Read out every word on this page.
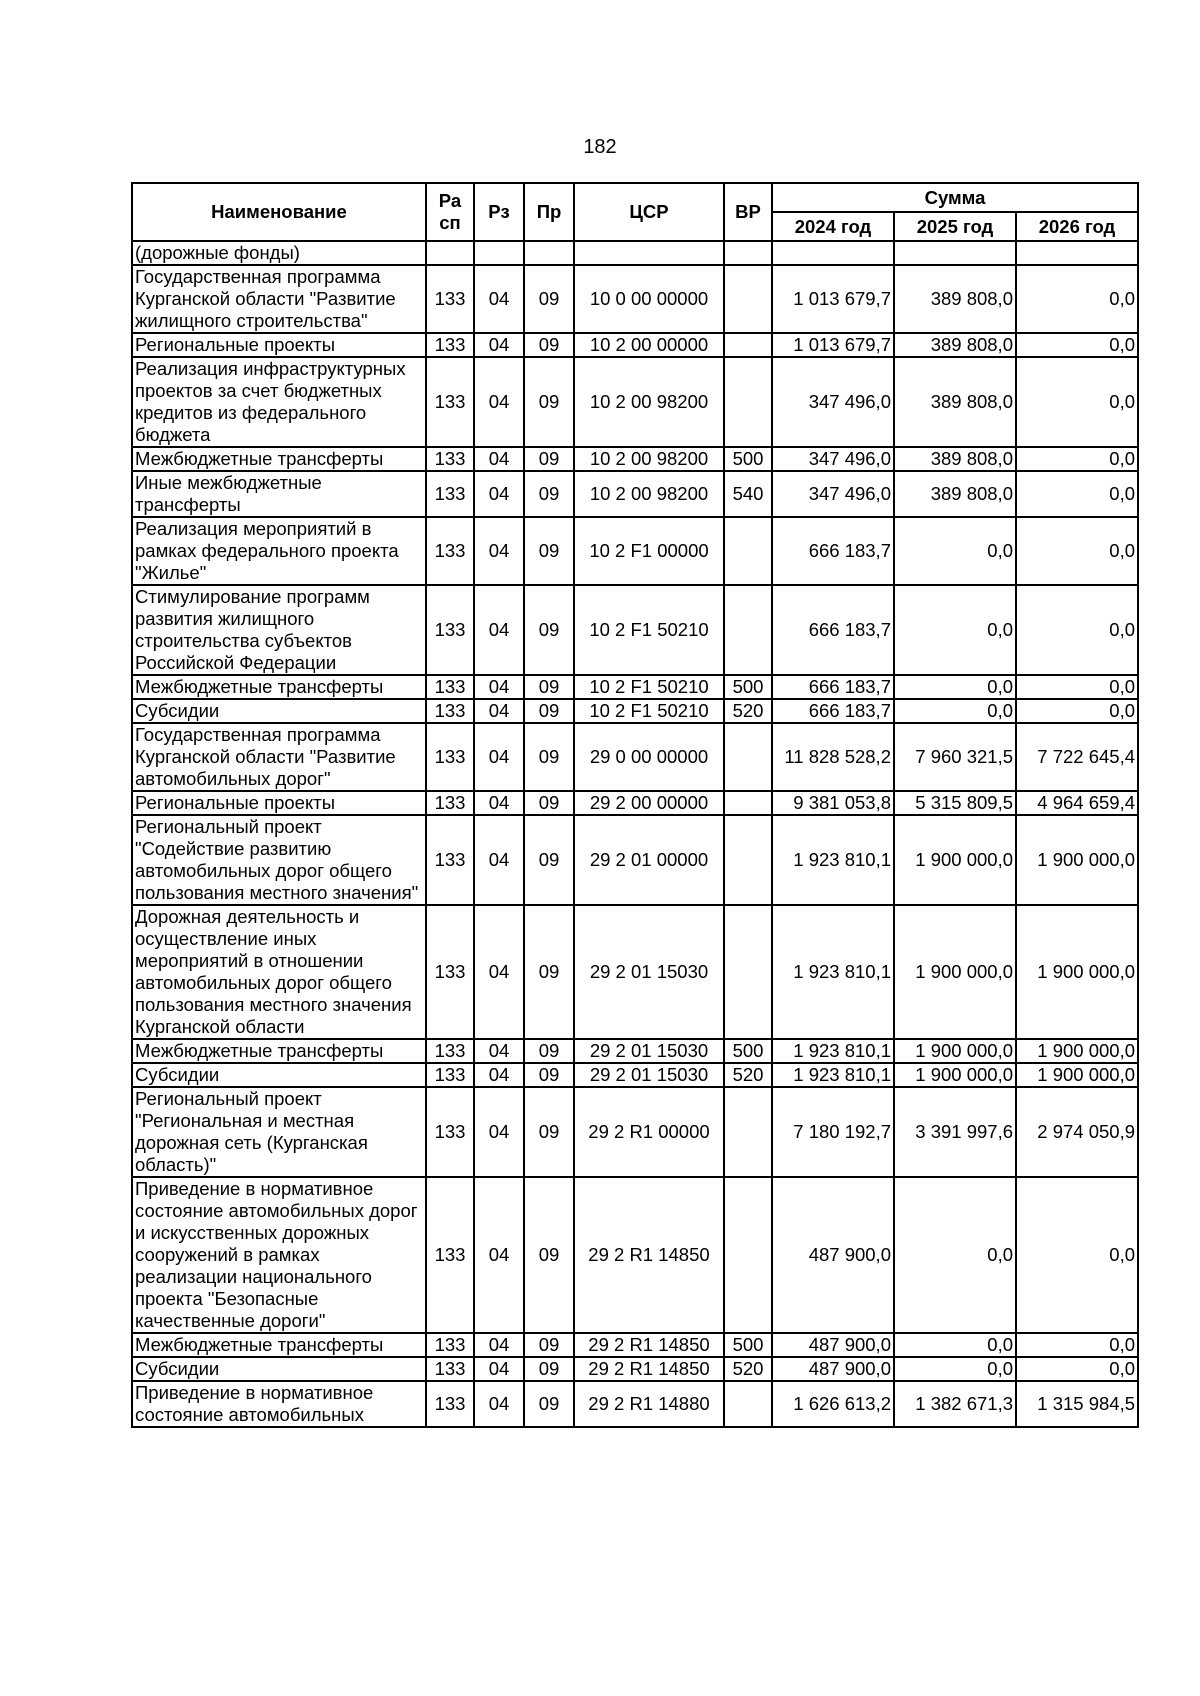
182
Наименование	Ра сп	Рз	Пр	ЦСР	ВР	Сумма		
						2024 год	2025 год	2026 год
(дорожные фонды)								
Государственная программа Курганской области "Развитие жилищного строительства"	133	04	09	10 0 00 00000		1 013 679,7	389 808,0	0,0
Региональные проекты	133	04	09	10 2 00 00000		1 013 679,7	389 808,0	0,0
Реализация инфраструктурных проектов за счет бюджетных кредитов из федерального бюджета	133	04	09	10 2 00 98200		347 496,0	389 808,0	0,0
Межбюджетные трансферты	133	04	09	10 2 00 98200	500	347 496,0	389 808,0	0,0
Иные межбюджетные трансферты	133	04	09	10 2 00 98200	540	347 496,0	389 808,0	0,0
Реализация мероприятий в рамках федерального проекта "Жилье"	133	04	09	10 2 F1 00000		666 183,7	0,0	0,0
Стимулирование программ развития жилищного строительства субъектов Российской Федерации	133	04	09	10 2 F1 50210		666 183,7	0,0	0,0
Межбюджетные трансферты	133	04	09	10 2 F1 50210	500	666 183,7	0,0	0,0
Субсидии	133	04	09	10 2 F1 50210	520	666 183,7	0,0	0,0
Государственная программа Курганской области "Развитие автомобильных дорог"	133	04	09	29 0 00 00000		11 828 528,2	7 960 321,5	7 722 645,4
Региональные проекты	133	04	09	29 2 00 00000		9 381 053,8	5 315 809,5	4 964 659,4
Региональный проект "Содействие развитию автомобильных дорог общего пользования местного значения"	133	04	09	29 2 01 00000		1 923 810,1	1 900 000,0	1 900 000,0
Дорожная деятельность и осуществление иных мероприятий в отношении автомобильных дорог общего пользования местного значения Курганской области	133	04	09	29 2 01 15030		1 923 810,1	1 900 000,0	1 900 000,0
Межбюджетные трансферты	133	04	09	29 2 01 15030	500	1 923 810,1	1 900 000,0	1 900 000,0
Субсидии	133	04	09	29 2 01 15030	520	1 923 810,1	1 900 000,0	1 900 000,0
Региональный проект "Региональная и местная дорожная сеть (Курганская область)"	133	04	09	29 2 R1 00000		7 180 192,7	3 391 997,6	2 974 050,9
Приведение в нормативное состояние автомобильных дорог и искусственных дорожных сооружений в рамках реализации национального проекта "Безопасные качественные дороги"	133	04	09	29 2 R1 14850		487 900,0	0,0	0,0
Межбюджетные трансферты	133	04	09	29 2 R1 14850	500	487 900,0	0,0	0,0
Субсидии	133	04	09	29 2 R1 14850	520	487 900,0	0,0	0,0
Приведение в нормативное состояние автомобильных	133	04	09	29 2 R1 14880		1 626 613,2	1 382 671,3	1 315 984,5
